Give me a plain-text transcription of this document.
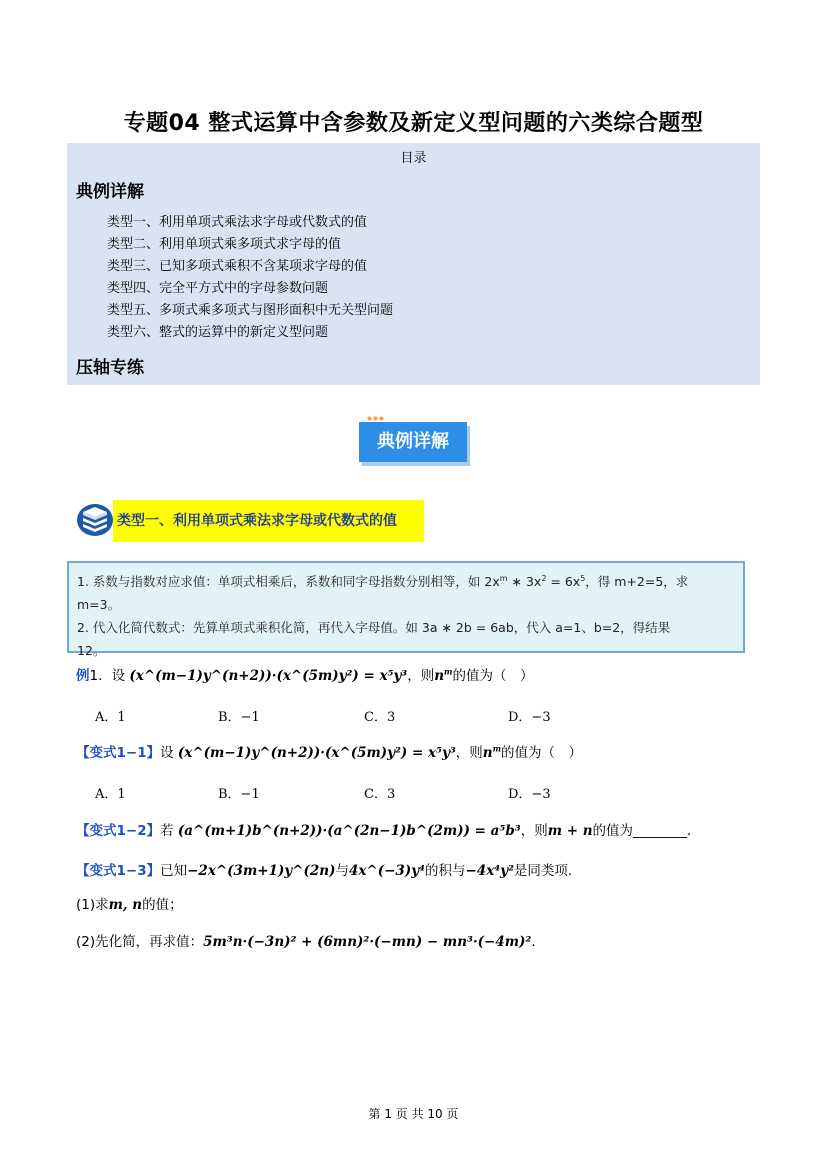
专题04 整式运算中含参数及新定义型问题的六类综合题型
目录
典例详解
类型一、利用单项式乘法求字母或代数式的值
类型二、利用单项式乘多项式求字母的值
类型三、已知多项式乘积不含某项求字母的值
类型四、完全平方式中的字母参数问题
类型五、多项式乘多项式与图形面积中无关型问题
类型六、整式的运算中的新定义型问题
压轴专练
典例详解
类型一、利用单项式乘法求字母或代数式的值
1. 系数与指数对应求值：单项式相乘后，系数和同字母指数分别相等，如 $2x^m$ ∗ $3x^2 = 6x^5$，得 m+2=5，求
m=3。
2. 代入化简代数式：先算单项式乘积化简，再代入字母值。如 3a ∗ 2b = 6ab，代入 a=1、b=2，得结果
12。
例1．设 (x^(m−1)y^(n+2))·(x^(5m)y²) = x⁵y³，则$n^m$的值为（　）
A．1	B．−1	C．3	D．−3
【变式1−1】设 (x^(m−1)y^(n+2))·(x^(5m)y²) = x⁵y³，则$n^m$的值为（　）
A．1	B．−1	C．3	D．−3
【变式1−2】若 (a^(m+1)b^(n+2))·(a^(2n−1)b^(2m)) = a⁵b³，则m + n的值为________．
【变式1−3】已知−2x^(3m+1)y^(2n)与4x^(−3)y⁴的积与−4x⁴y²是同类项．
(1)求m, n的值；
(2)先化简，再求值：5m³n·(−3n)² + (6mn)²·(−mn) − mn³·(−4m)²．
第 1 页 共 10 页
